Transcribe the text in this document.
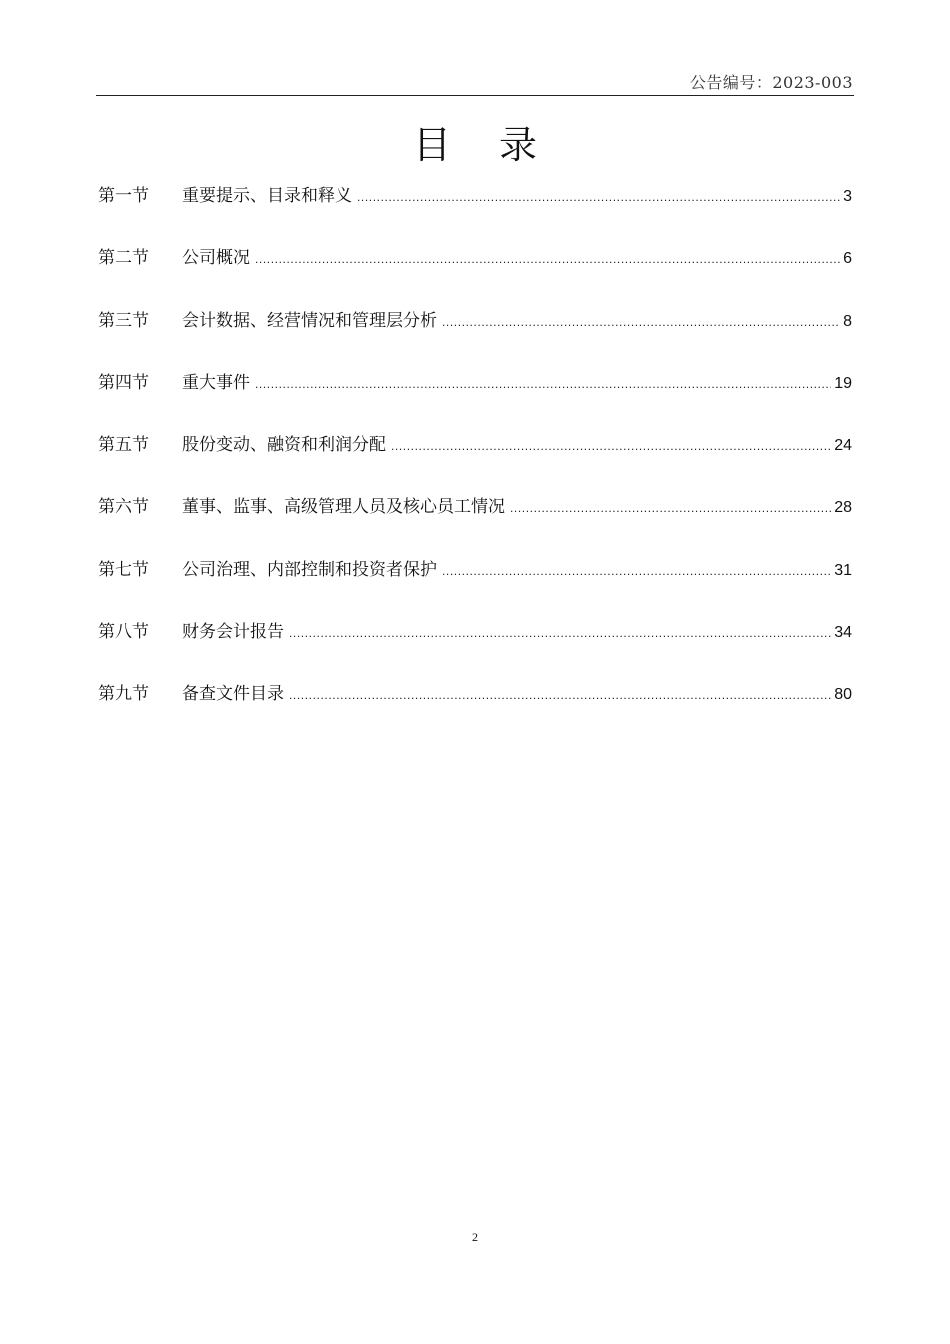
公告编号：2023-003
目 录
第一节	重要提示、目录和释义 .....	3
第二节	公司概况 .....	6
第三节	会计数据、经营情况和管理层分析 .....	8
第四节	重大事件 .....	19
第五节	股份变动、融资和利润分配 .....	24
第六节	董事、监事、高级管理人员及核心员工情况 .....	28
第七节	公司治理、内部控制和投资者保护 .....	31
第八节	财务会计报告 .....	34
第九节	备查文件目录 .....	80
2
